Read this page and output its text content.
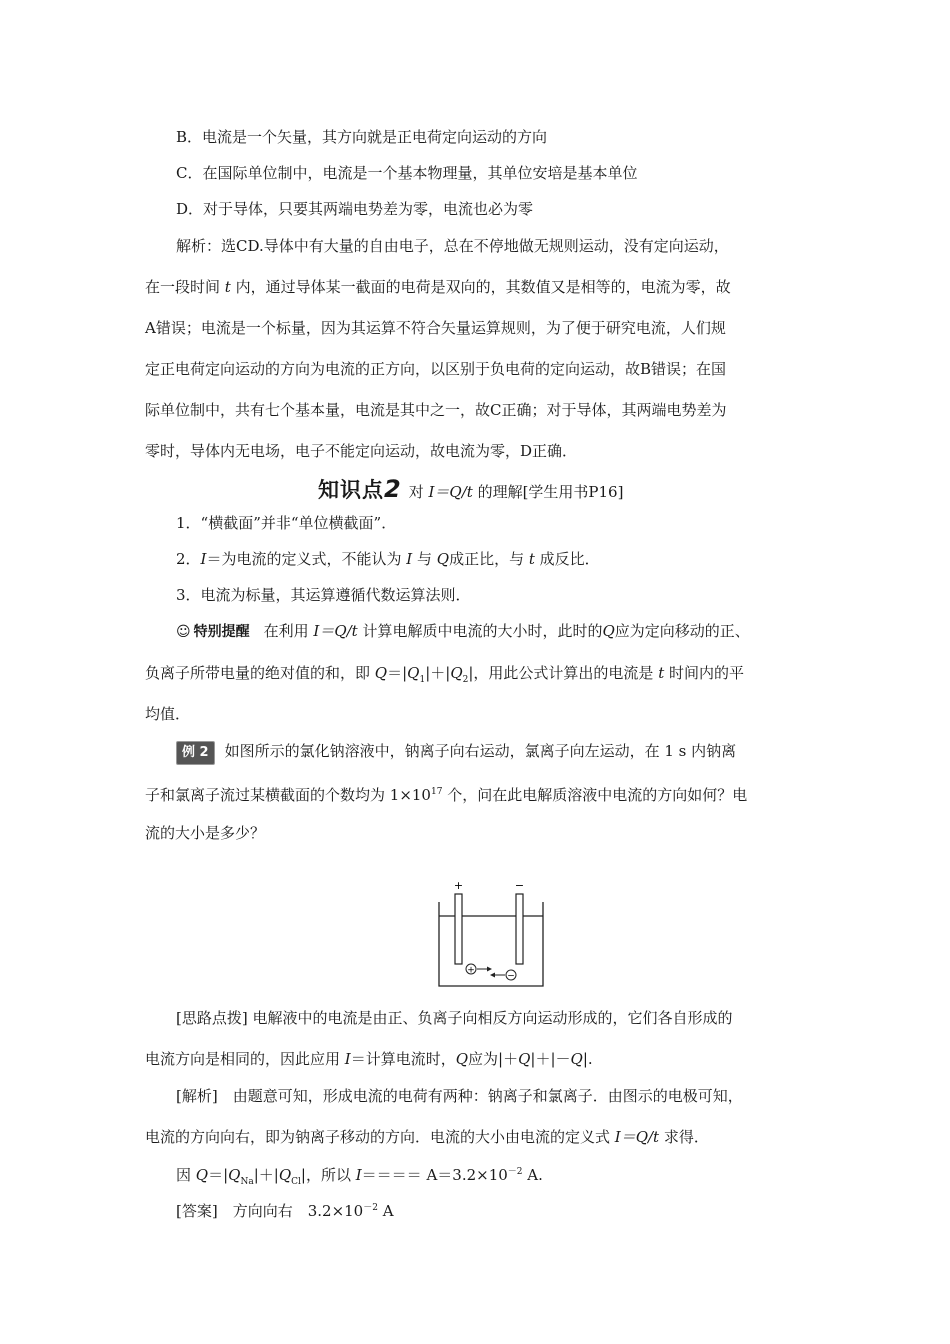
B．电流是一个矢量，其方向就是正电荷定向运动的方向
C．在国际单位制中，电流是一个基本物理量，其单位安培是基本单位
D．对于导体，只要其两端电势差为零，电流也必为零
解析：选CD.导体中有大量的自由电子，总在不停地做无规则运动，没有定向运动，
在一段时间 t 内，通过导体某一截面的电荷是双向的，其数值又是相等的，电流为零，故
A错误；电流是一个标量，因为其运算不符合矢量运算规则，为了便于研究电流，人们规
定正电荷定向运动的方向为电流的正方向，以区别于负电荷的定向运动，故B错误；在国
际单位制中，共有七个基本量，电流是其中之一，故C正确；对于导体，其两端电势差为
零时，导体内无电场，电子不能定向运动，故电流为零，D正确．
知识点2 对 I＝Q/t 的理解[学生用书P16]
1．“横截面”并非“单位横截面”．
2．I＝为电流的定义式，不能认为 I 与 Q成正比，与 t 成反比．
3．电流为标量，其运算遵循代数运算法则．
☺ 特别提醒 在利用 I＝Q/t 计算电解质中电流的大小时，此时的Q应为定向移动的正、
负离子所带电量的绝对值的和，即 $Q=|Q_1|+|Q_2|$，用此公式计算出的电流是 t 时间内的平
均值．
例 2 如图所示的氯化钠溶液中，钠离子向右运动，氯离子向左运动，在 1 s 内钠离
子和氯离子流过某横截面的个数均为 $1\times 10^{17}$ 个，问在此电解质溶液中电流的方向如何？电
流的大小是多少？
+	−
+
−
[思路点拨] 电解液中的电流是由正、负离子向相反方向运动形成的，它们各自形成的
电流方向是相同的，因此应用 I＝计算电流时，Q应为|＋Q|＋|－Q|.
[解析]　由题意可知，形成电流的电荷有两种：钠离子和氯离子．由图示的电极可知，
电流的方向向右，即为钠离子移动的方向．电流的大小由电流的定义式 I＝Q/t 求得．
因 $Q=|Q_{Na}|+|Q_{Cl}|$，所以 $I==== A=3.2\times 10^{-2}$ A.
[答案]　方向向右　$3.2\times 10^{-2}$ A
